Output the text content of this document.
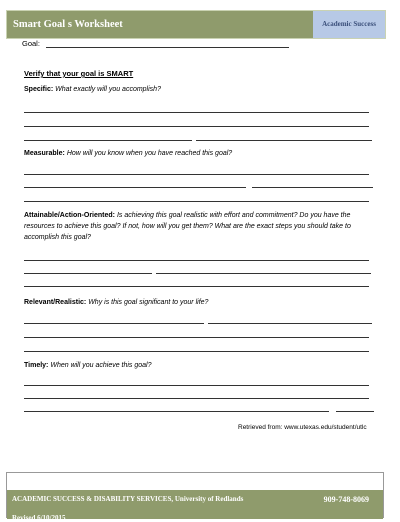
Smart Goal s Worksheet	Academic Success
Goal:
Verify that your goal is SMART
Specific: What exactly will you accomplish?
Measurable: How will you know when you have reached this goal?
Attainable/Action-Oriented: Is achieving this goal realistic with effort and commitment? Do you have the resources to achieve this goal? If not, how will you get them? What are the exact steps you should take to accomplish this goal?
Relevant/Realistic: Why is this goal significant to your life?
Timely: When will you achieve this goal?
Retrieved from: www.utexas.edu/student/utlc
ACADEMIC SUCCESS & DISABILITY SERVICES, University of Redlands	909-748-8069
Revised 6/10/2015
